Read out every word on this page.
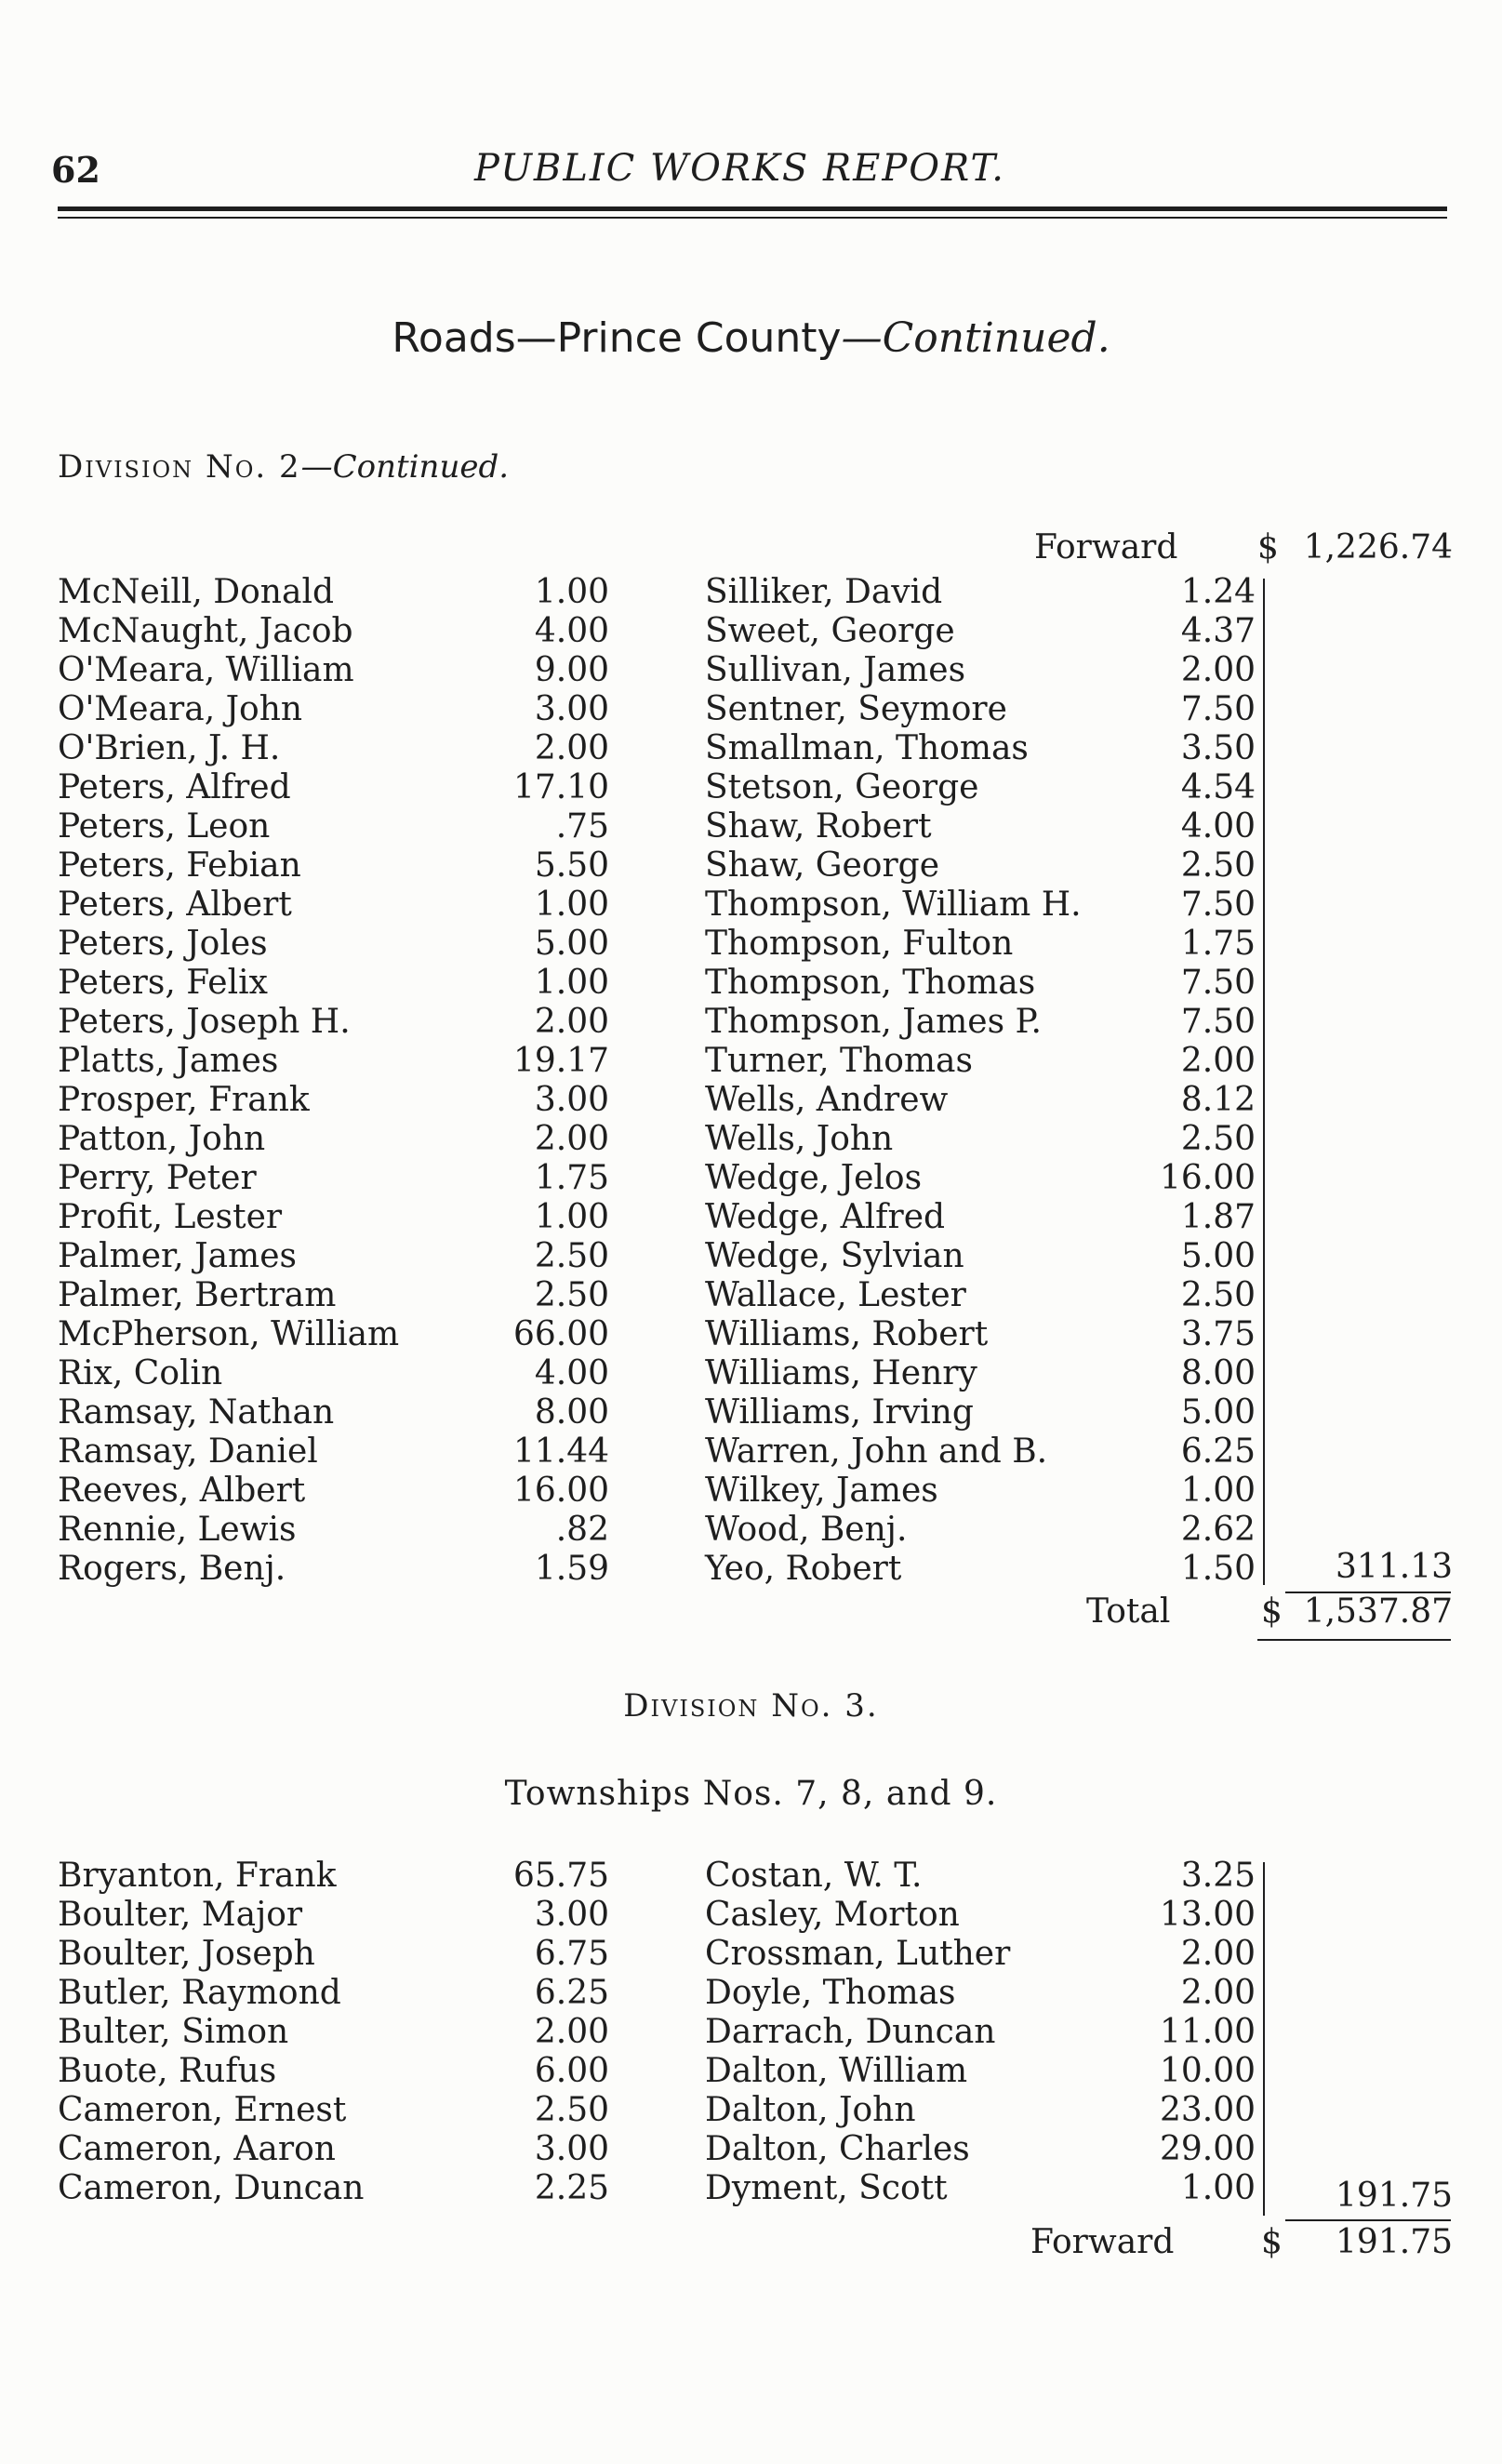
62	PUBLIC WORKS REPORT.
Roads—Prince County—Continued.
Division No. 2—Continued.
Forward $ 1,226.74
McNeill, Donald	1.00	Silliker, David	1.24
McNaught, Jacob	4.00	Sweet, George	4.37
O'Meara, William	9.00	Sullivan, James	2.00
O'Meara, John	3.00	Sentner, Seymore	7.50
O'Brien, J. H.	2.00	Smallman, Thomas	3.50
Peters, Alfred	17.10	Stetson, George	4.54
Peters, Leon	.75	Shaw, Robert	4.00
Peters, Febian	5.50	Shaw, George	2.50
Peters, Albert	1.00	Thompson, William H.	7.50
Peters, Joles	5.00	Thompson, Fulton	1.75
Peters, Felix	1.00	Thompson, Thomas	7.50
Peters, Joseph H.	2.00	Thompson, James P.	7.50
Platts, James	19.17	Turner, Thomas	2.00
Prosper, Frank	3.00	Wells, Andrew	8.12
Patton, John	2.00	Wells, John	2.50
Perry, Peter	1.75	Wedge, Jelos	16.00
Profit, Lester	1.00	Wedge, Alfred	1.87
Palmer, James	2.50	Wedge, Sylvian	5.00
Palmer, Bertram	2.50	Wallace, Lester	2.50
McPherson, William	66.00	Williams, Robert	3.75
Rix, Colin	4.00	Williams, Henry	8.00
Ramsay, Nathan	8.00	Williams, Irving	5.00
Ramsay, Daniel	11.44	Warren, John and B.	6.25
Reeves, Albert	16.00	Wilkey, James	1.00
Rennie, Lewis	.82	Wood, Benj.	2.62
Rogers, Benj.	1.59	Yeo, Robert	1.50	311.13
Total	$ 1,537.87
Division No. 3.
Townships Nos. 7, 8, and 9.
Bryanton, Frank	65.75	Costan, W. T.	3.25
Boulter, Major	3.00	Casley, Morton	13.00
Boulter, Joseph	6.75	Crossman, Luther	2.00
Butler, Raymond	6.25	Doyle, Thomas	2.00
Bulter, Simon	2.00	Darrach, Duncan	11.00
Buote, Rufus	6.00	Dalton, William	10.00
Cameron, Ernest	2.50	Dalton, John	23.00
Cameron, Aaron	3.00	Dalton, Charles	29.00
Cameron, Duncan	2.25	Dyment, Scott	1.00	191.75
Forward	$	191.75
